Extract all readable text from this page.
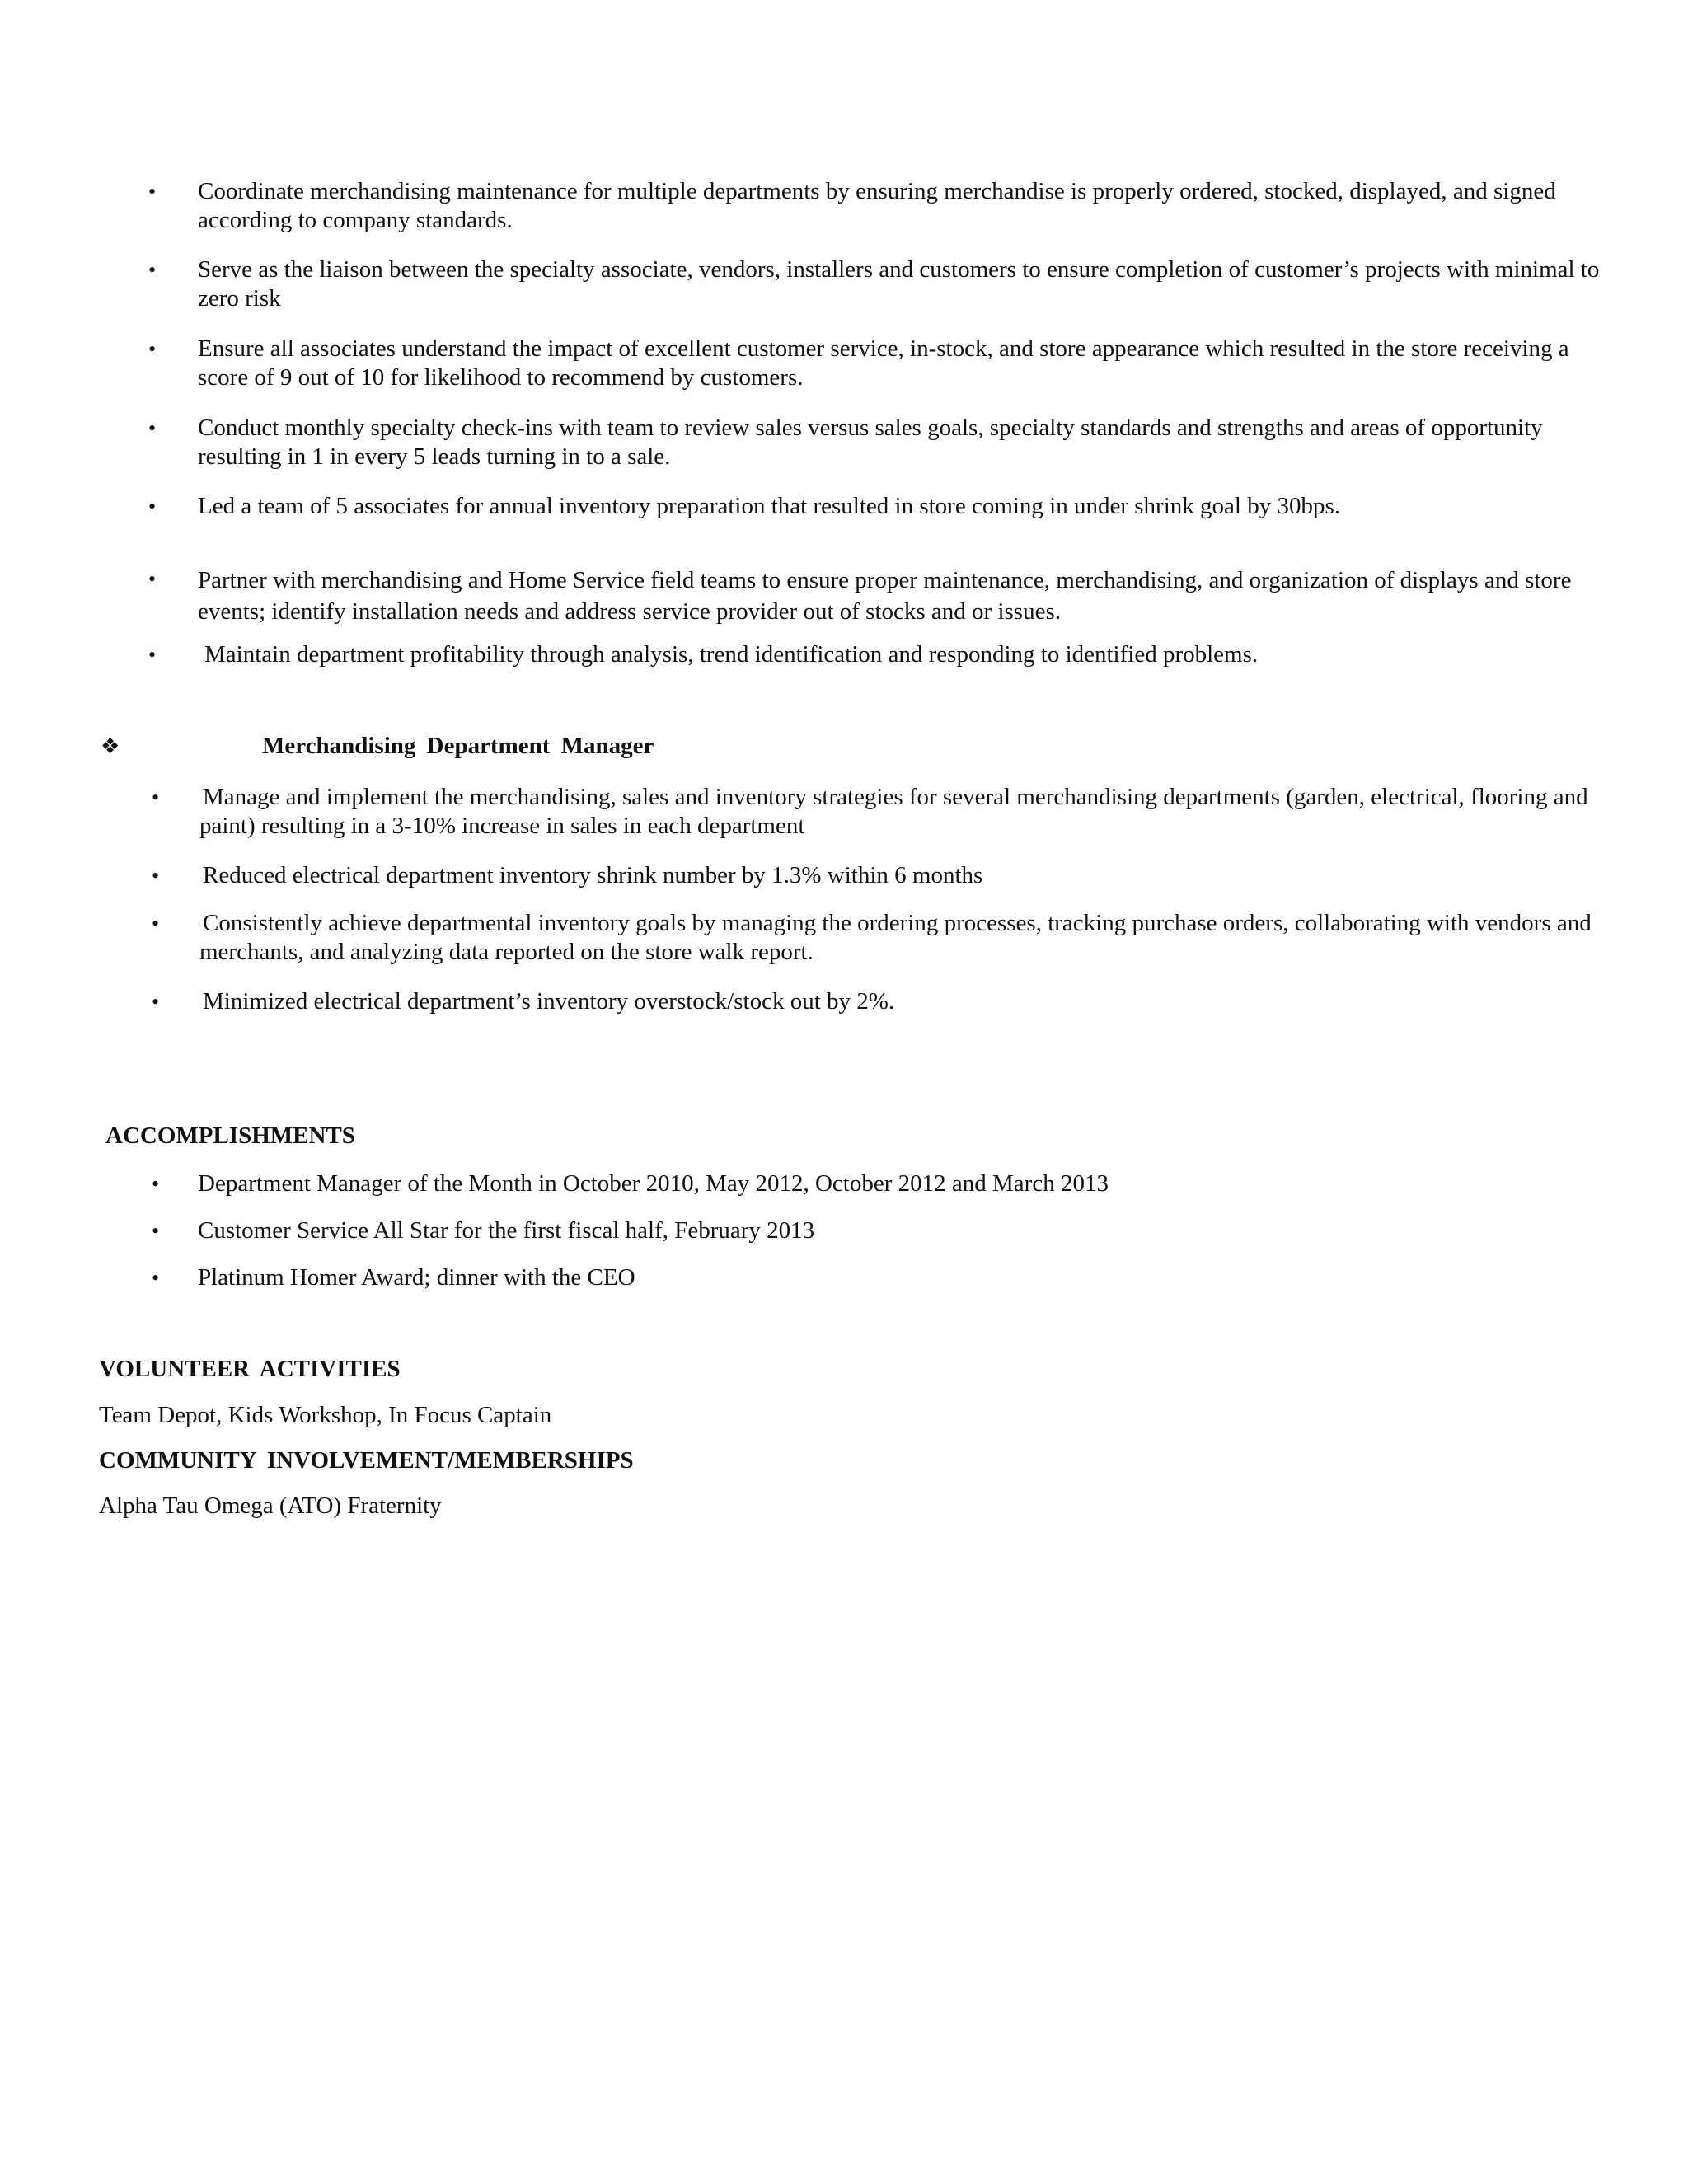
• Coordinate merchandising maintenance for multiple departments by ensuring merchandise is properly ordered, stocked, displayed, and signed according to company standards.
• Serve as the liaison between the specialty associate, vendors, installers and customers to ensure completion of customer’s projects with minimal to zero risk
• Ensure all associates understand the impact of excellent customer service, in-stock, and store appearance which resulted in the store receiving a score of 9 out of 10 for likelihood to recommend by customers.
• Conduct monthly specialty check-ins with team to review sales versus sales goals, specialty standards and strengths and areas of opportunity resulting in 1 in every 5 leads turning in to a sale.
• Led a team of 5 associates for annual inventory preparation that resulted in store coming in under shrink goal by 30bps.
• Partner with merchandising and Home Service field teams to ensure proper maintenance, merchandising, and organization of displays and store events; identify installation needs and address service provider out of stocks and or issues.
• Maintain department profitability through analysis, trend identification and responding to identified problems.
❖	Merchandising Department Manager
• Manage and implement the merchandising, sales and inventory strategies for several merchandising departments (garden, electrical, flooring and paint) resulting in a 3-10% increase in sales in each department
• Reduced electrical department inventory shrink number by 1.3% within 6 months
• Consistently achieve departmental inventory goals by managing the ordering processes, tracking purchase orders, collaborating with vendors and merchants, and analyzing data reported on the store walk report.
• Minimized electrical department’s inventory overstock/stock out by 2%.
ACCOMPLISHMENTS
• Department Manager of the Month in October 2010, May 2012, October 2012 and March 2013
• Customer Service All Star for the first fiscal half, February 2013
• Platinum Homer Award; dinner with the CEO
VOLUNTEER ACTIVITIES
Team Depot, Kids Workshop, In Focus Captain
COMMUNITY INVOLVEMENT/MEMBERSHIPS
Alpha Tau Omega (ATO) Fraternity
